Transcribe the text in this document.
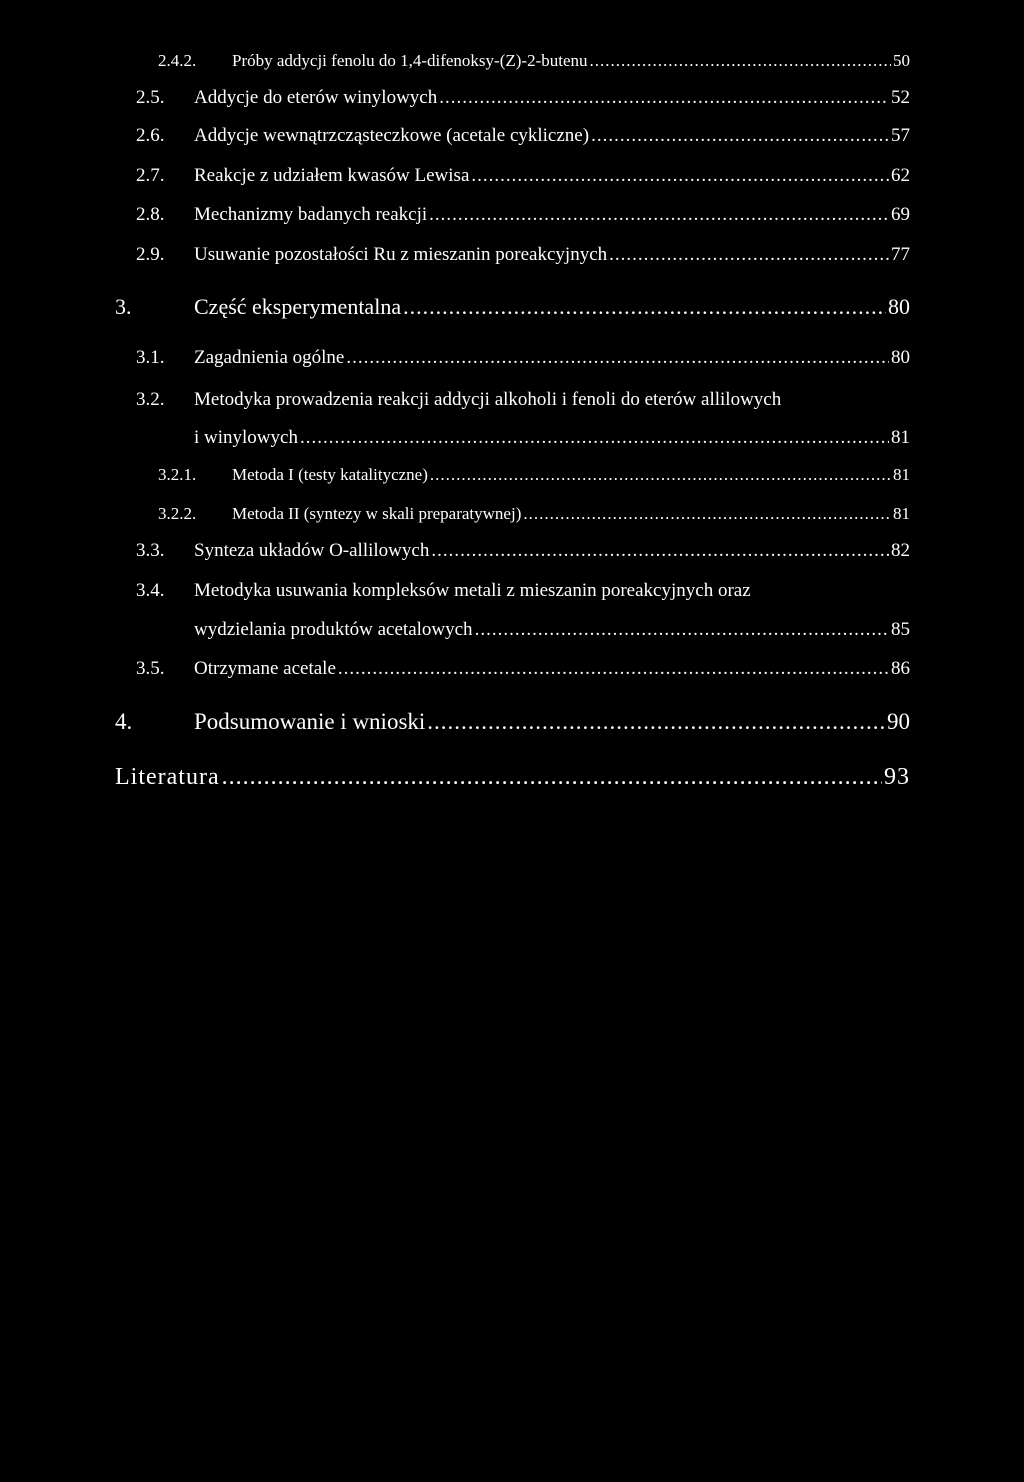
2.4.2.	Próby addycji fenolu do 1,4-difenoksy-(Z)-2-butenu .....	50
2.5.	Addycje do eterów winylowych .....	52
2.6.	Addycje wewnątrzcząsteczkowe (acetale cykliczne) .....	57
2.7.	Reakcje z udziałem kwasów Lewisa .....	62
2.8.	Mechanizmy badanych reakcji .....	69
2.9.	Usuwanie pozostałości Ru z mieszanin poreakcyjnych .....	77
3.	Część eksperymentalna .....	80
3.1.	Zagadnienia ogólne .....	80
3.2.	Metodyka prowadzenia reakcji addycji alkoholi i fenoli do eterów allilowych
i winylowych .....	81
3.2.1.	Metoda I (testy katalityczne) .....	81
3.2.2.	Metoda II (syntezy w skali preparatywnej) .....	81
3.3.	Synteza układów O-allilowych .....	82
3.4.	Metodyka usuwania kompleksów metali z mieszanin poreakcyjnych oraz
wydzielania produktów acetalowych .....	85
3.5.	Otrzymane acetale .....	86
4.	Podsumowanie i wnioski .....	90
Literatura .....	93
